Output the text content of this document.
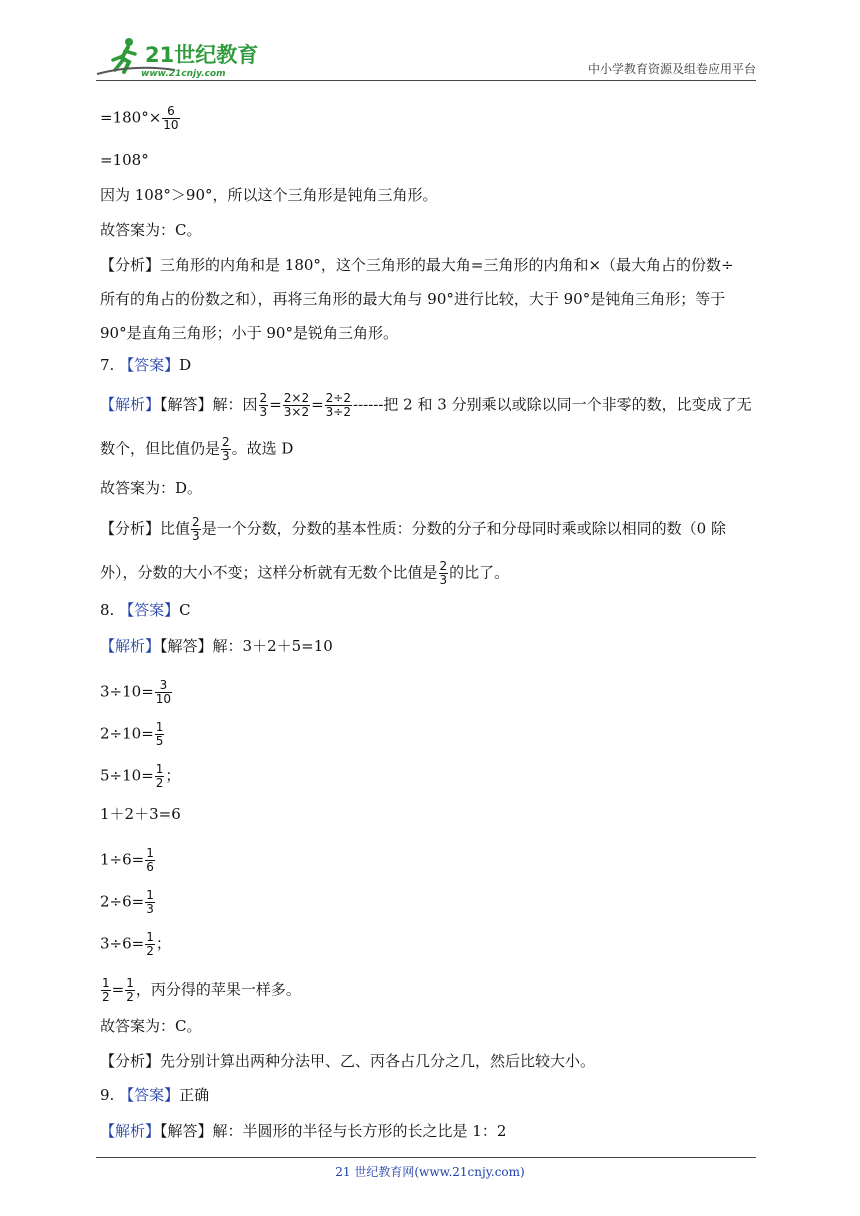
21世纪教育
www.21cnjy.com	中小学教育资源及组卷应用平台
$=180^\circ\times \frac{6}{10}$
=108°
因为 108°＞90°，所以这个三角形是钝角三角形。
故答案为：C。
【分析】三角形的内角和是 180°，这个三角形的最大角=三角形的内角和×（最大角占的份数÷
所有的角占的份数之和），再将三角形的最大角与 90°进行比较，大于 90°是钝角三角形；等于
90°是直角三角形；小于 90°是锐角三角形。
7. 【答案】D
【解析】【解答】解：因 $\frac{2}{3} = \frac{2\times 2}{3\times 2} = \frac{2\div 2}{3\div 2}$ ------把 2 和 3 分别乘以或除以同一个非零的数，比变成了无
数个，但比值仍是 $\frac{2}{3}$ 。故选 D
故答案为：D。
【分析】比值 $\frac{2}{3}$ 是一个分数，分数的基本性质：分数的分子和分母同时乘或除以相同的数（0 除
外），分数的大小不变；这样分析就有无数个比值是 $\frac{2}{3}$ 的比了。
8. 【答案】C
【解析】【解答】解：3＋2＋5=10
$3\div 10= \frac{3}{10}$
$2\div 10= \frac{1}{5}$
$5\div 10= \frac{1}{2}$ ；
1＋2＋3=6
$1\div 6= \frac{1}{6}$
$2\div 6= \frac{1}{3}$
$3\div 6= \frac{1}{2}$ ；
$\frac{1}{2} = \frac{1}{2}$ ，丙分得的苹果一样多。
故答案为：C。
【分析】先分别计算出两种分法甲、乙、丙各占几分之几，然后比较大小。
9. 【答案】正确
【解析】【解答】解：半圆形的半径与长方形的长之比是 1：2
21 世纪教育网(www.21cnjy.com)
